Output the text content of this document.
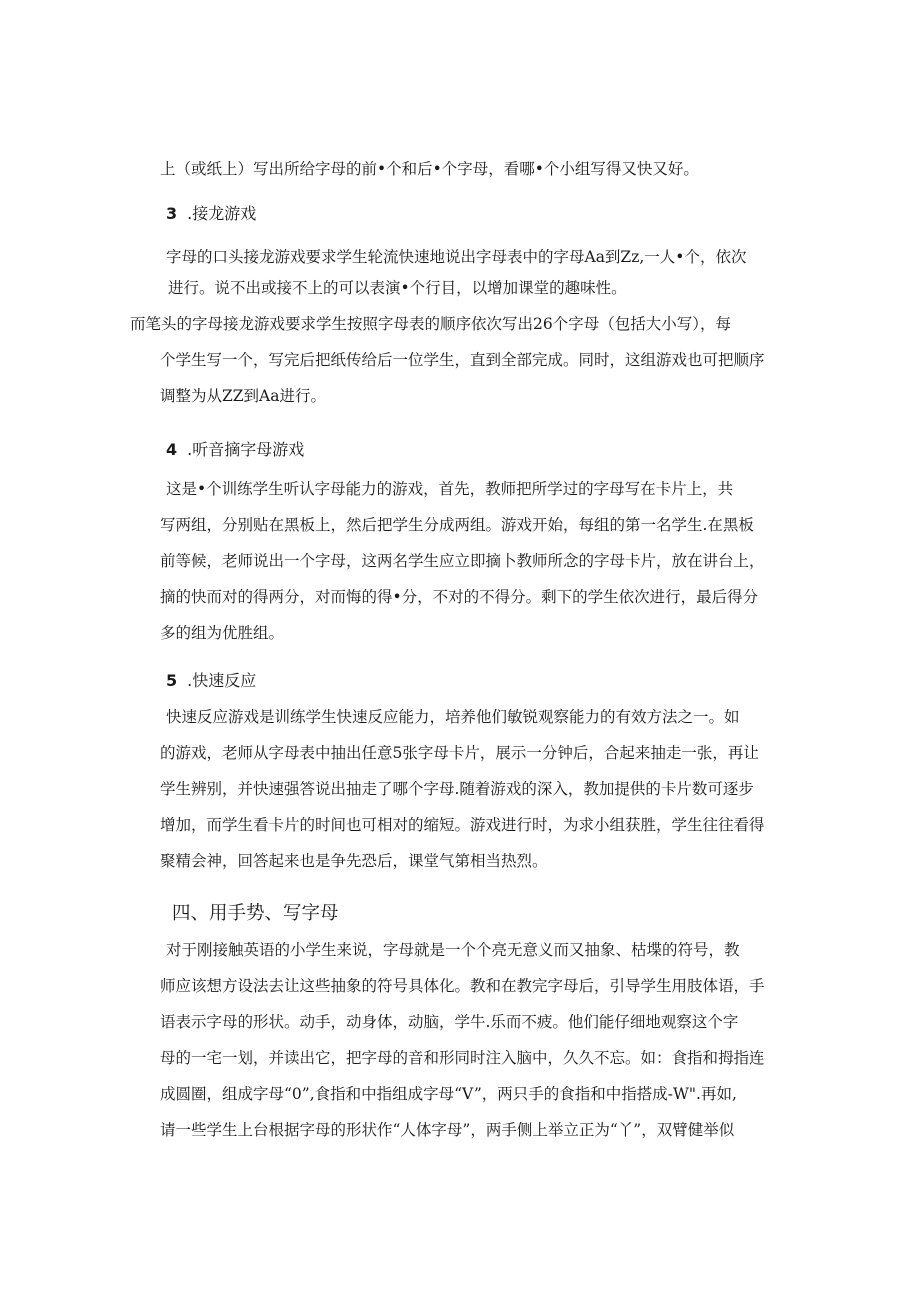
上（或纸上）写出所给字母的前•个和后•个字母，看哪•个小组写得又快又好。
3 .接龙游戏
字母的口头接龙游戏要求学生轮流快速地说出字母表中的字母Aa到Zz,一人•个，依次
进行。说不出或接不上的可以表演•个行目，以增加课堂的趣味性。
而笔头的字母接龙游戏要求学生按照字母表的顺序依次写出26个字母（包括大小写），每
个学生写一个，写完后把纸传给后一位学生，直到全部完成。同时，这组游戏也可把顺序
调整为从ZZ到Aa进行。
4 .听音摘字母游戏
这是•个训练学生听认字母能力的游戏，首先，教师把所学过的字母写在卡片上，共
写两组，分别贴在黑板上，然后把学生分成两组。游戏开始，每组的第一名学生.在黑板
前等候，老师说出一个字母，这两名学生应立即摘卜教师所念的字母卡片，放在讲台上，
摘的快而对的得两分，对而悔的得•分，不对的不得分。剩下的学生依次进行，最后得分
多的组为优胜组。
5 .快速反应
快速反应游戏是训练学生快速反应能力，培养他们敏锐观察能力的有效方法之一。如
的游戏，老师从字母表中抽出任意5张字母卡片，展示一分钟后，合起来抽走一张，再让
学生辨别，并快速强答说出抽走了哪个字母.随着游戏的深入，教加提供的卡片数可逐步
增加，而学生看卡片的时间也可相对的缩短。游戏进行时，为求小组获胜，学生往往看得
聚精会神，回答起来也是争先恐后，课堂气第相当热烈。
四、用手势、写字母
对于刚接触英语的小学生来说，字母就是一个个亮无意义而又抽象、枯堞的符号，教
师应该想方设法去让这些抽象的符号具体化。教和在教完字母后，引导学生用肢体语，手
语表示字母的形状。动手，动身体，动脑，学牛.乐而不疲。他们能仔细地观察这个字
母的一宅一划，并读出它，把字母的音和形同时注入脑中，久久不忘。如：食指和拇指连
成圆圈，组成字母“0”,食指和中指组成字母“V”，两只手的食指和中指搭成-W".再如,
请一些学生上台根据字母的形状作“人体字母”，两手侧上举立正为“丫”，双臂健举似
